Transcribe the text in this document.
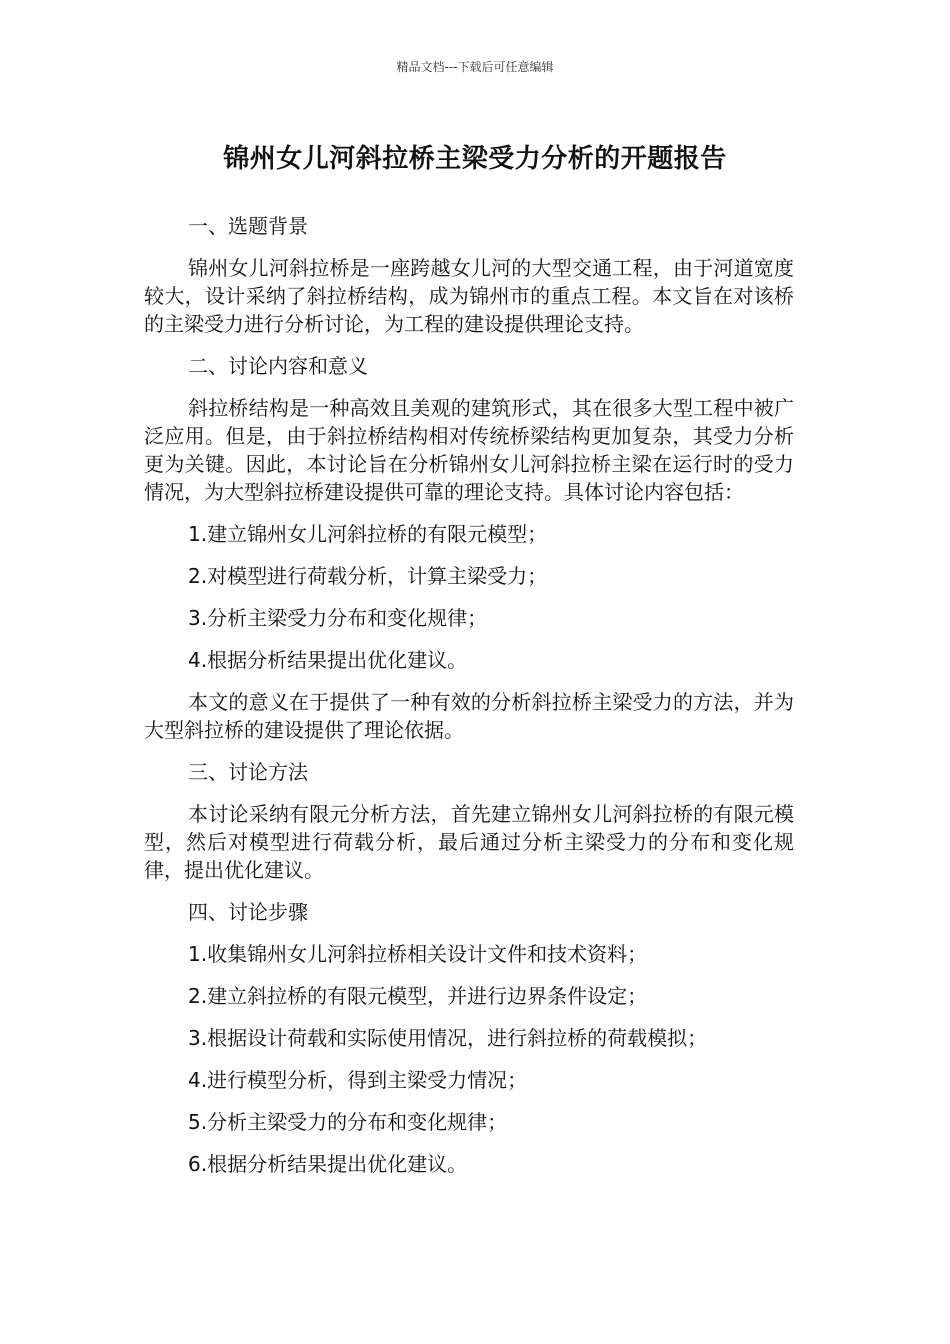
精品文档---下载后可任意编辑
锦州女儿河斜拉桥主梁受力分析的开题报告

一、选题背景

锦州女儿河斜拉桥是一座跨越女儿河的大型交通工程，由于河道宽度较大，设计采纳了斜拉桥结构，成为锦州市的重点工程。本文旨在对该桥的主梁受力进行分析讨论，为工程的建设提供理论支持。

二、讨论内容和意义

斜拉桥结构是一种高效且美观的建筑形式，其在很多大型工程中被广泛应用。但是，由于斜拉桥结构相对传统桥梁结构更加复杂，其受力分析更为关键。因此，本讨论旨在分析锦州女儿河斜拉桥主梁在运行时的受力情况，为大型斜拉桥建设提供可靠的理论支持。具体讨论内容包括：

1.建立锦州女儿河斜拉桥的有限元模型；

2.对模型进行荷载分析，计算主梁受力；

3.分析主梁受力分布和变化规律；

4.根据分析结果提出优化建议。

本文的意义在于提供了一种有效的分析斜拉桥主梁受力的方法，并为大型斜拉桥的建设提供了理论依据。

三、讨论方法

本讨论采纳有限元分析方法，首先建立锦州女儿河斜拉桥的有限元模型，然后对模型进行荷载分析，最后通过分析主梁受力的分布和变化规律，提出优化建议。

四、讨论步骤

1.收集锦州女儿河斜拉桥相关设计文件和技术资料；

2.建立斜拉桥的有限元模型，并进行边界条件设定；

3.根据设计荷载和实际使用情况，进行斜拉桥的荷载模拟；

4.进行模型分析，得到主梁受力情况；

5.分析主梁受力的分布和变化规律；

6.根据分析结果提出优化建议。
